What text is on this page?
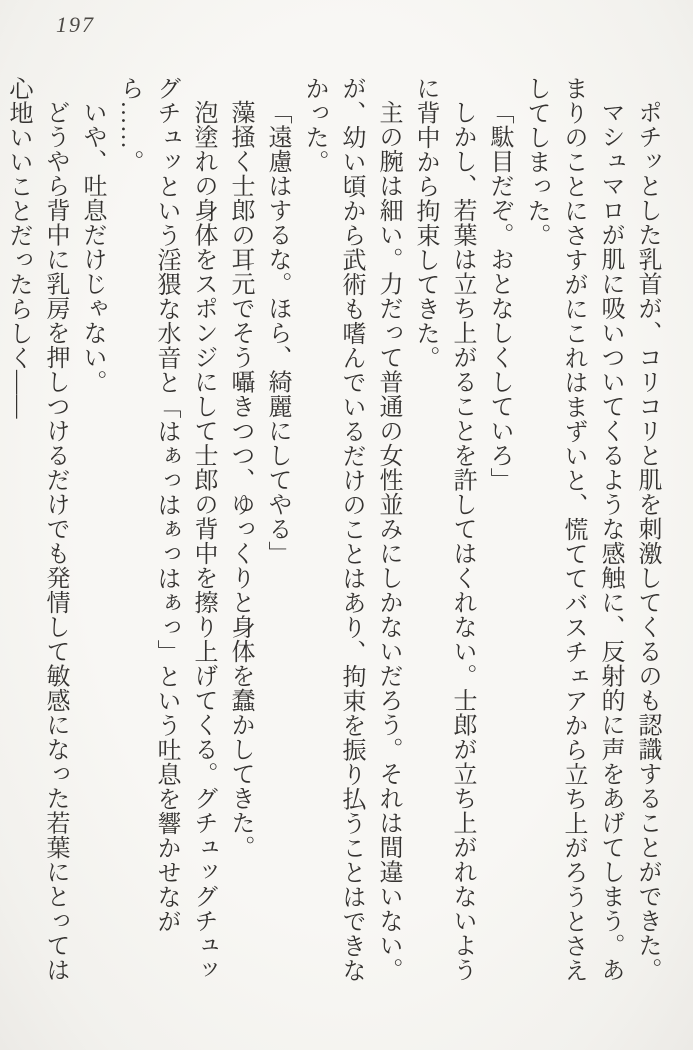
197

ポチッとした乳首が、コリコリと肌を刺激してくるのも認識することができた。

マシュマロが肌に吸いついてくるような感触に、反射的に声をあげてしまう。あまりのことにさすがにこれはまずいと、慌ててバスチェアから立ち上がろうとさえしてしまった。

「駄目だぞ。おとなしくしていろ」

しかし、若葉は立ち上がることを許してはくれない。士郎が立ち上がれないように背中から拘束してきた。

主の腕は細い。力だって普通の女性並みにしかないだろう。それは間違いない。が、幼い頃から武術も嗜んでいるだけのことはあり、拘束を振り払うことはできなかった。

「遠慮はするな。ほら、綺麗にしてやる」

藻掻く士郎の耳元でそう囁きつつ、ゆっくりと身体を蠢かしてきた。

泡塗れの身体をスポンジにして士郎の背中を擦り上げてくる。グチュッグチュッグチュッという淫猥な水音と「はぁっはぁっはぁっ」という吐息を響かせながら……。

いや、吐息だけじゃない。

どうやら背中に乳房を押しつけるだけでも発情して敏感になった若葉にとっては心地いいことだったらしく――
